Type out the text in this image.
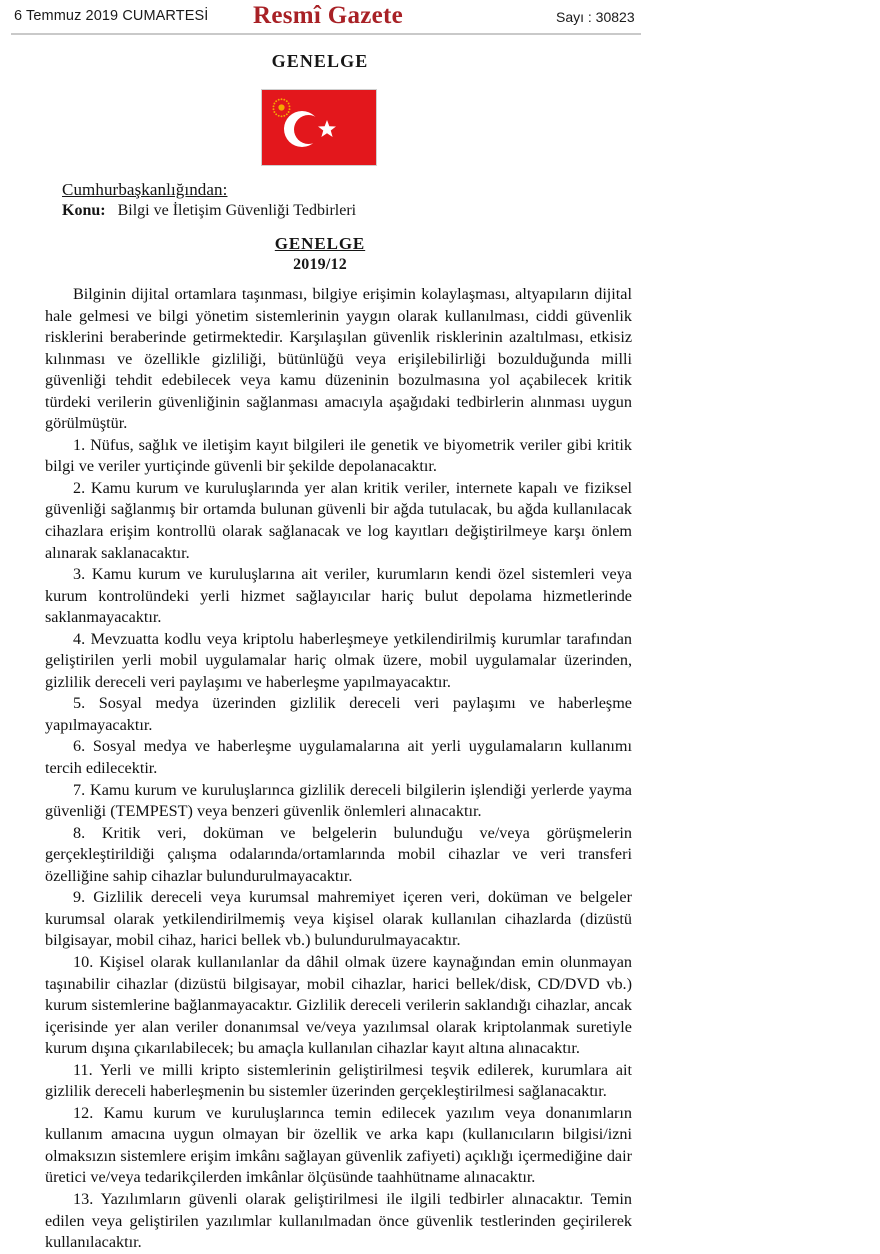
6 Temmuz 2019 CUMARTESİ Resmî Gazete	Sayı : 30823
GENELGE
Cumhurbaşkanlığından:
Konu: Bilgi ve İletişim Güvenliği Tedbirleri
GENELGE
2019/12

Bilginin dijital ortamlara taşınması, bilgiye erişimin kolaylaşması, altyapıların dijital hale gelmesi ve bilgi yönetim sistemlerinin yaygın olarak kullanılması, ciddi güvenlik risklerini beraberinde getirmektedir. Karşılaşılan güvenlik risklerinin azaltılması, etkisiz kılınması ve özellikle gizliliği, bütünlüğü veya erişilebilirliği bozulduğunda milli güvenliği tehdit edebilecek veya kamu düzeninin bozulmasına yol açabilecek kritik türdeki verilerin güvenliğinin sağlanması amacıyla aşağıdaki tedbirlerin alınması uygun görülmüştür.

1. Nüfus, sağlık ve iletişim kayıt bilgileri ile genetik ve biyometrik veriler gibi kritik bilgi ve veriler yurtiçinde güvenli bir şekilde depolanacaktır.

2. Kamu kurum ve kuruluşlarında yer alan kritik veriler, internete kapalı ve fiziksel güvenliği sağlanmış bir ortamda bulunan güvenli bir ağda tutulacak, bu ağda kullanılacak cihazlara erişim kontrollü olarak sağlanacak ve log kayıtları değiştirilmeye karşı önlem alınarak saklanacaktır.

3. Kamu kurum ve kuruluşlarına ait veriler, kurumların kendi özel sistemleri veya kurum kontrolündeki yerli hizmet sağlayıcılar hariç bulut depolama hizmetlerinde saklanmayacaktır.

4. Mevzuatta kodlu veya kriptolu haberleşmeye yetkilendirilmiş kurumlar tarafından geliştirilen yerli mobil uygulamalar hariç olmak üzere, mobil uygulamalar üzerinden, gizlilik dereceli veri paylaşımı ve haberleşme yapılmayacaktır.

5. Sosyal medya üzerinden gizlilik dereceli veri paylaşımı ve haberleşme yapılmayacaktır.

6. Sosyal medya ve haberleşme uygulamalarına ait yerli uygulamaların kullanımı tercih edilecektir.

7. Kamu kurum ve kuruluşlarınca gizlilik dereceli bilgilerin işlendiği yerlerde yayma güvenliği (TEMPEST) veya benzeri güvenlik önlemleri alınacaktır.

8. Kritik veri, doküman ve belgelerin bulunduğu ve/veya görüşmelerin gerçekleştirildiği çalışma odalarında/ortamlarında mobil cihazlar ve veri transferi özelliğine sahip cihazlar bulundurulmayacaktır.

9. Gizlilik dereceli veya kurumsal mahremiyet içeren veri, doküman ve belgeler kurumsal olarak yetkilendirilmemiş veya kişisel olarak kullanılan cihazlarda (dizüstü bilgisayar, mobil cihaz, harici bellek vb.) bulundurulmayacaktır.

10. Kişisel olarak kullanılanlar da dâhil olmak üzere kaynağından emin olunmayan taşınabilir cihazlar (dizüstü bilgisayar, mobil cihazlar, harici bellek/disk, CD/DVD vb.) kurum sistemlerine bağlanmayacaktır. Gizlilik dereceli verilerin saklandığı cihazlar, ancak içerisinde yer alan veriler donanımsal ve/veya yazılımsal olarak kriptolanmak suretiyle kurum dışına çıkarılabilecek; bu amaçla kullanılan cihazlar kayıt altına alınacaktır.

11. Yerli ve milli kripto sistemlerinin geliştirilmesi teşvik edilerek, kurumlara ait gizlilik dereceli haberleşmenin bu sistemler üzerinden gerçekleştirilmesi sağlanacaktır.

12. Kamu kurum ve kuruluşlarınca temin edilecek yazılım veya donanımların kullanım amacına uygun olmayan bir özellik ve arka kapı (kullanıcıların bilgisi/izni olmaksızın sistemlere erişim imkânı sağlayan güvenlik zafiyeti) açıklığı içermediğine dair üretici ve/veya tedarikçilerden imkânlar ölçüsünde taahhütname alınacaktır.

13. Yazılımların güvenli olarak geliştirilmesi ile ilgili tedbirler alınacaktır. Temin edilen veya geliştirilen yazılımlar kullanılmadan önce güvenlik testlerinden geçirilerek kullanılacaktır.
